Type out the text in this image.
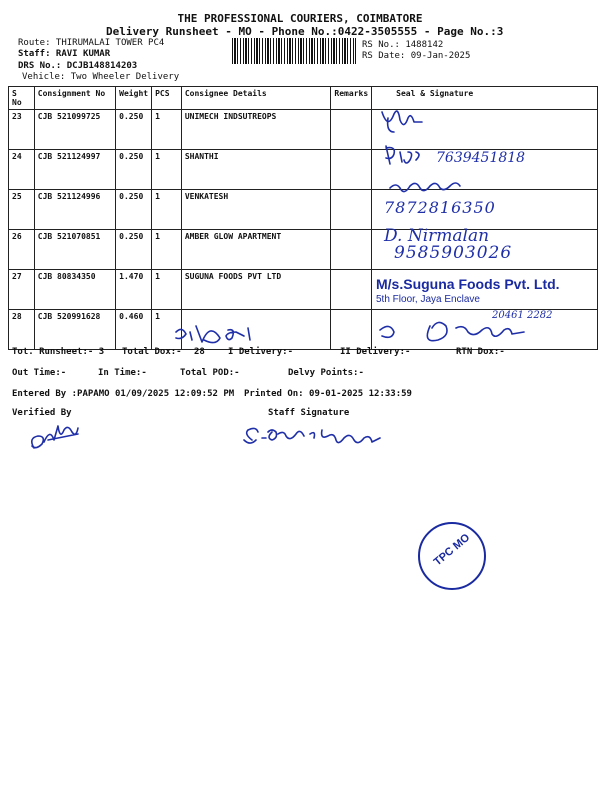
THE PROFESSIONAL COURIERS, COIMBATORE
Delivery Runsheet - MO - Phone No.:0422-3505555 - Page No.:3
Route: THIRUMALAI TOWER PC4
Staff: RAVI KUMAR
DRS No.: DCJB148814203
Vehicle: Two Wheeler Delivery
RS No.: 1488142
RS Date: 09-Jan-2025
S No	Consignment No	Weight	PCS	Consignee Details	Remarks	Seal & Signature
23	CJB 521099725	0.250	1	UNIMECH INDSUTREOPS		
24	CJB 521124997	0.250	1	SHANTHI		
25	CJB 521124996	0.250	1	VENKATESH		
26	CJB 521070851	0.250	1	AMBER GLOW APARTMENT		
27	CJB 80834350	1.470	1	SUGUNA FOODS PVT LTD		
28	CJB 520991628	0.460	1			
7639451818
7872816350
D. Nirmalan
9585903026
20461 2282
M/s.Suguna Foods Pvt. Ltd.
5th Floor, Jaya Enclave
Tot. Runsheet:- 3 Total Dox:- 28	I Delivery:-	II Delivery:-	RTN Dox:-
Out Time:-	In Time:-	Total POD:-	Delvy Points:-
Entered By :PAPAMO 01/09/2025 12:09:52 PM Printed On: 09-01-2025 12:33:59
Verified By	Staff Signature
TPC MO
